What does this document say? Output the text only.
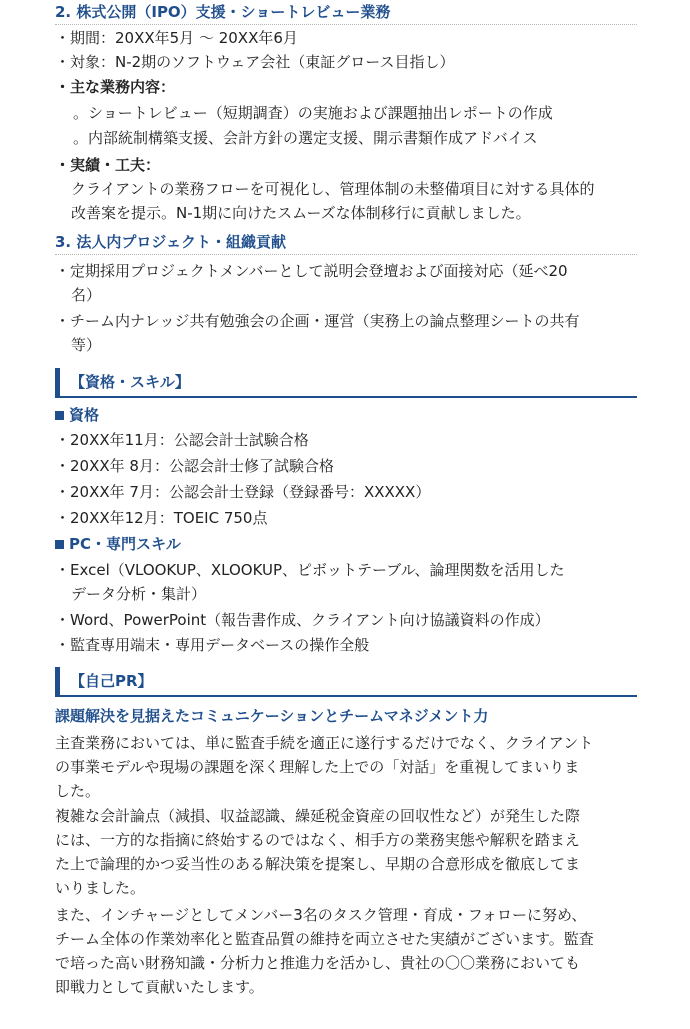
2. 株式公開（IPO）支援・ショートレビュー業務
・期間：20XX年5月 ～ 20XX年6月
・対象：N-2期のソフトウェア会社（東証グロース目指し）
・主な業務内容：
。ショートレビュー（短期調査）の実施および課題抽出レポートの作成
。内部統制構築支援、会計方針の選定支援、開示書類作成アドバイス
・実績・工夫：
クライアントの業務フローを可視化し、管理体制の未整備項目に対する具体的
改善案を提示。N-1期に向けたスムーズな体制移行に貢献しました。
3. 法人内プロジェクト・組織貢献
・定期採用プロジェクトメンバーとして説明会登壇および面接対応（延べ20
名）
・チーム内ナレッジ共有勉強会の企画・運営（実務上の論点整理シートの共有
等）
【資格・スキル】
資格
・20XX年11月：公認会計士試験合格
・20XX年 8月：公認会計士修了試験合格
・20XX年 7月：公認会計士登録（登録番号：XXXXX）
・20XX年12月：TOEIC 750点
PC・専門スキル
・Excel（VLOOKUP、XLOOKUP、ピボットテーブル、論理関数を活用した
データ分析・集計）
・Word、PowerPoint（報告書作成、クライアント向け協議資料の作成）
・監査専用端末・専用データベースの操作全般
【自己PR】
課題解決を見据えたコミュニケーションとチームマネジメント力
主査業務においては、単に監査手続を適正に遂行するだけでなく、クライアント
の事業モデルや現場の課題を深く理解した上での「対話」を重視してまいりま
した。
複雑な会計論点（減損、収益認識、繰延税金資産の回収性など）が発生した際
には、一方的な指摘に終始するのではなく、相手方の業務実態や解釈を踏まえ
た上で論理的かつ妥当性のある解決策を提案し、早期の合意形成を徹底してま
いりました。
また、インチャージとしてメンバー3名のタスク管理・育成・フォローに努め、
チーム全体の作業効率化と監査品質の維持を両立させた実績がございます。監査
で培った高い財務知識・分析力と推進力を活かし、貴社の〇〇業務においても
即戦力として貢献いたします。
